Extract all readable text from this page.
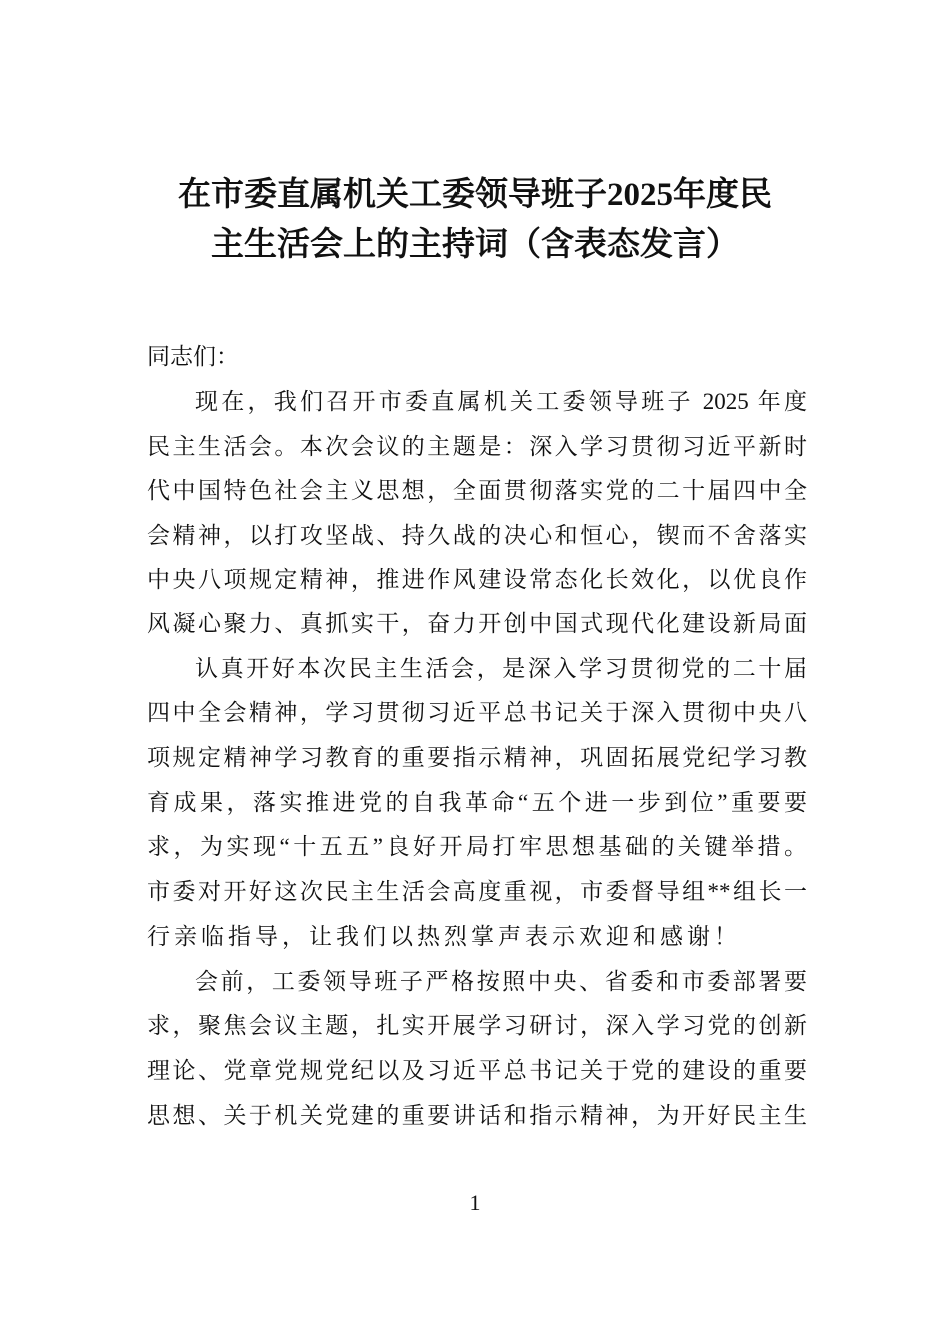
在市委直属机关工委领导班子2025年度民
主生活会上的主持词（含表态发言）
同志们：
现在，我们召开市委直属机关工委领导班子 2025 年度
民主生活会。本次会议的主题是：深入学习贯彻习近平新时
代中国特色社会主义思想，全面贯彻落实党的二十届四中全
会精神，以打攻坚战、持久战的决心和恒心，锲而不舍落实
中央八项规定精神，推进作风建设常态化长效化，以优良作
风凝心聚力、真抓实干，奋力开创中国式现代化建设新局面
认真开好本次民主生活会，是深入学习贯彻党的二十届
四中全会精神，学习贯彻习近平总书记关于深入贯彻中央八
项规定精神学习教育的重要指示精神，巩固拓展党纪学习教
育成果，落实推进党的自我革命“五个进一步到位”重要要
求，为实现“十五五”良好开局打牢思想基础的关键举措。
市委对开好这次民主生活会高度重视，市委督导组**组长一
行亲临指导，让我们以热烈掌声表示欢迎和感谢！
会前，工委领导班子严格按照中央、省委和市委部署要
求，聚焦会议主题，扎实开展学习研讨，深入学习党的创新
理论、党章党规党纪以及习近平总书记关于党的建设的重要
思想、关于机关党建的重要讲话和指示精神，为开好民主生
1
